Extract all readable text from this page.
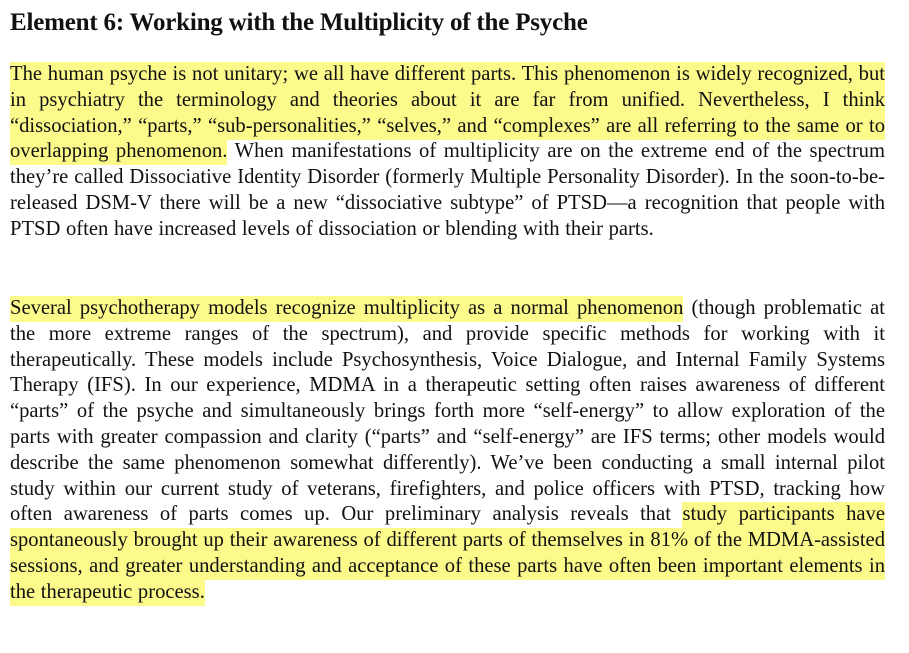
Element 6: Working with the Multiplicity of the Psyche

The human psyche is not unitary; we all have different parts. This phenomenon is widely recognized, but in psychiatry the terminology and theories about it are far from unified. Nevertheless, I think “dissociation,” “parts,” “sub-personalities,” “selves,” and “complexes” are all referring to the same or to overlapping phenomenon. When manifestations of multiplicity are on the extreme end of the spectrum they’re called Dissociative Identity Disorder (formerly Multiple Personality Disorder). In the soon-to-be-released DSM-V there will be a new “dissociative subtype” of PTSD—a recognition that people with PTSD often have increased levels of dissociation or blending with their parts.

Several psychotherapy models recognize multiplicity as a normal phenomenon (though problematic at the more extreme ranges of the spectrum), and provide specific methods for working with it therapeutically. These models include Psychosynthesis, Voice Dialogue, and Internal Family Systems Therapy (IFS). In our experience, MDMA in a therapeutic setting often raises awareness of different “parts” of the psyche and simultaneously brings forth more “self-energy” to allow exploration of the parts with greater compassion and clarity (“parts” and “self-energy” are IFS terms; other models would describe the same phenomenon somewhat differently). We’ve been conducting a small internal pilot study within our current study of veterans, firefighters, and police officers with PTSD, tracking how often awareness of parts comes up. Our preliminary analysis reveals that study participants have spontaneously brought up their awareness of different parts of themselves in 81% of the MDMA-assisted sessions, and greater understanding and acceptance of these parts have often been important elements in the therapeutic process.
